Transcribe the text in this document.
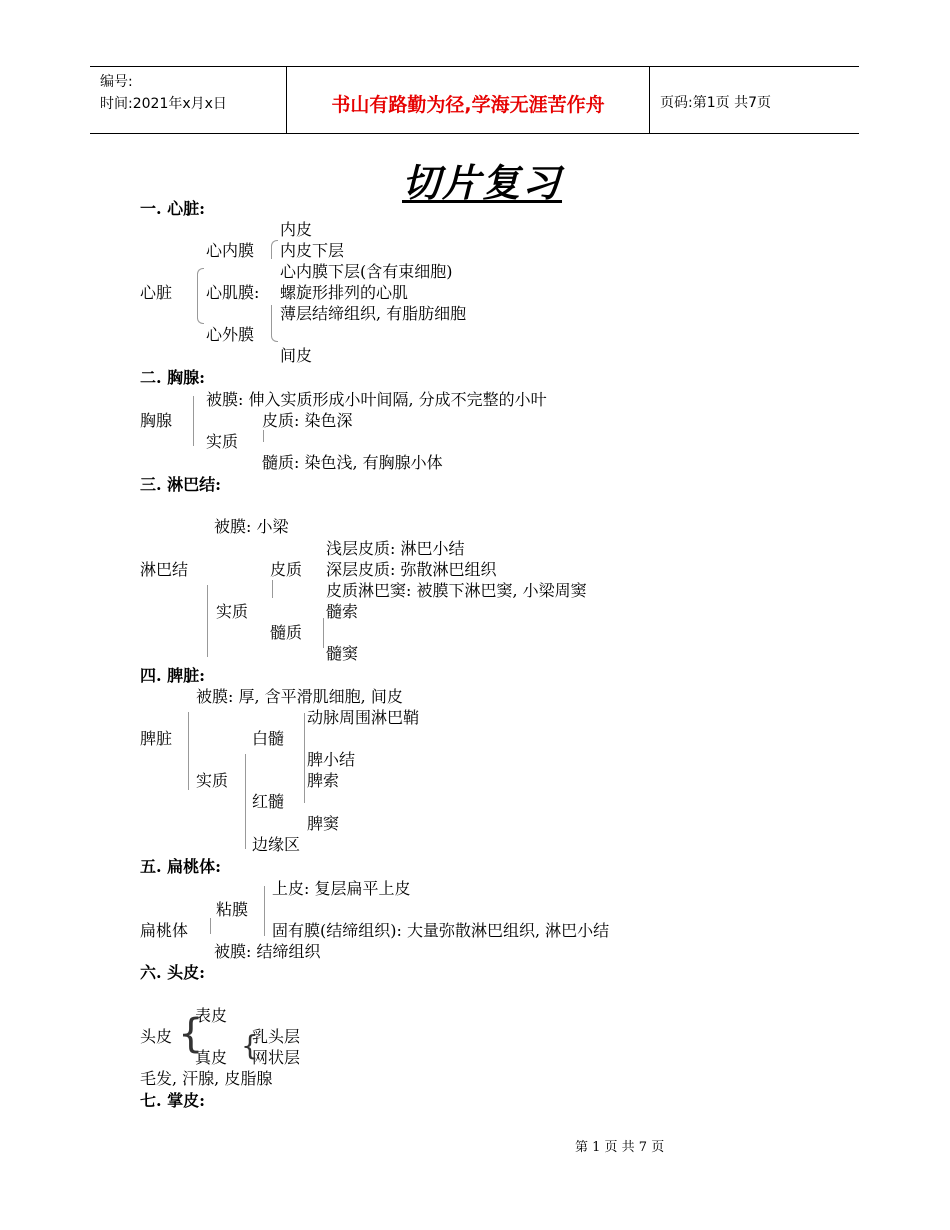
编号:
时间:2021年x月x日	书山有路勤为径,学海无涯苦作舟	页码:第1页 共7页
切片复习
一. 心脏:
内皮
心内膜 内皮下层
心内膜下层(含有束细胞)
心脏 心肌膜: 螺旋形排列的心肌
薄层结缔组织, 有脂肪细胞
心外膜
间皮
二. 胸腺:
被膜: 伸入实质形成小叶间隔, 分成不完整的小叶
胸腺	皮质: 染色深
实质
髓质: 染色浅, 有胸腺小体
三. 淋巴结:
被膜: 小梁
浅层皮质: 淋巴小结
淋巴结	皮质 深层皮质: 弥散淋巴组织
皮质淋巴窦: 被膜下淋巴窦, 小梁周窦
实质	髓索
髓质
髓窦
四. 脾脏:
被膜: 厚, 含平滑肌细胞, 间皮
动脉周围淋巴鞘
脾脏	白髓
脾小结
实质	脾索
红髓
脾窦
边缘区
五. 扁桃体:
上皮: 复层扁平上皮
粘膜
扁桃体	固有膜(结缔组织): 大量弥散淋巴组织, 淋巴小结
被膜: 结缔组织
六. 头皮:
表皮
头皮	乳头层
真皮 网状层
{ {
毛发, 汗腺, 皮脂腺
七. 掌皮:
第 1 页 共 7 页
